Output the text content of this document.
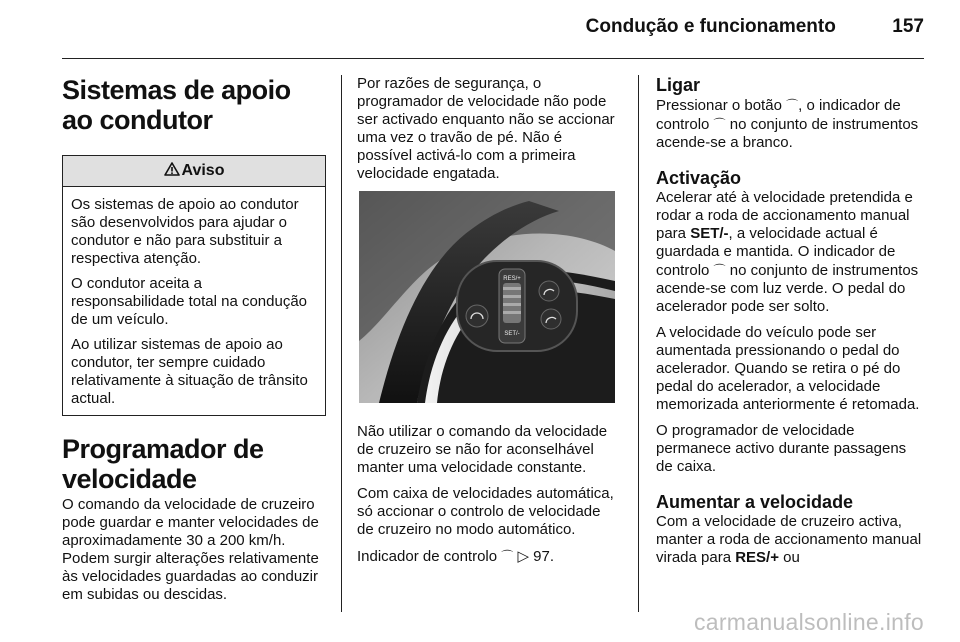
Condução e funcionamento	157
Sistemas de apoio ao condutor
Aviso

Os sistemas de apoio ao condutor são desenvolvidos para ajudar o condutor e não para substituir a respectiva atenção.

O condutor aceita a responsabilidade total na condução de um veículo.

Ao utilizar sistemas de apoio ao condutor, ter sempre cuidado relativamente à situação de trânsito actual.

Programador de velocidade

O comando da velocidade de cruzeiro pode guardar e manter velocidades de aproximadamente 30 a 200 km/h. Podem surgir alterações relativamente às velocidades guardadas ao conduzir em subidas ou descidas.

Por razões de segurança, o programador de velocidade não pode ser activado enquanto não se accionar uma vez o travão de pé. Não é possível activá-lo com a primeira velocidade engatada.

RES/+
SET/-

Não utilizar o comando da velocidade de cruzeiro se não for aconselhável manter uma velocidade constante.

Com caixa de velocidades automática, só accionar o controlo de velocidade de cruzeiro no modo automático.

Indicador de controlo ⌒ ▷ 97.

Ligar

Pressionar o botão ⌒, o indicador de controlo ⌒ no conjunto de instrumentos acende-se a branco.

Activação

Acelerar até à velocidade pretendida e rodar a roda de accionamento manual para SET/-, a velocidade actual é guardada e mantida. O indicador de controlo ⌒ no conjunto de instrumentos acende-se com luz verde. O pedal do acelerador pode ser solto.

A velocidade do veículo pode ser aumentada pressionando o pedal do acelerador. Quando se retira o pé do pedal do acelerador, a velocidade memorizada anteriormente é retomada.

O programador de velocidade permanece activo durante passagens de caixa.

Aumentar a velocidade

Com a velocidade de cruzeiro activa, manter a roda de accionamento manual virada para RES/+ ou

carmanualsonline.info
